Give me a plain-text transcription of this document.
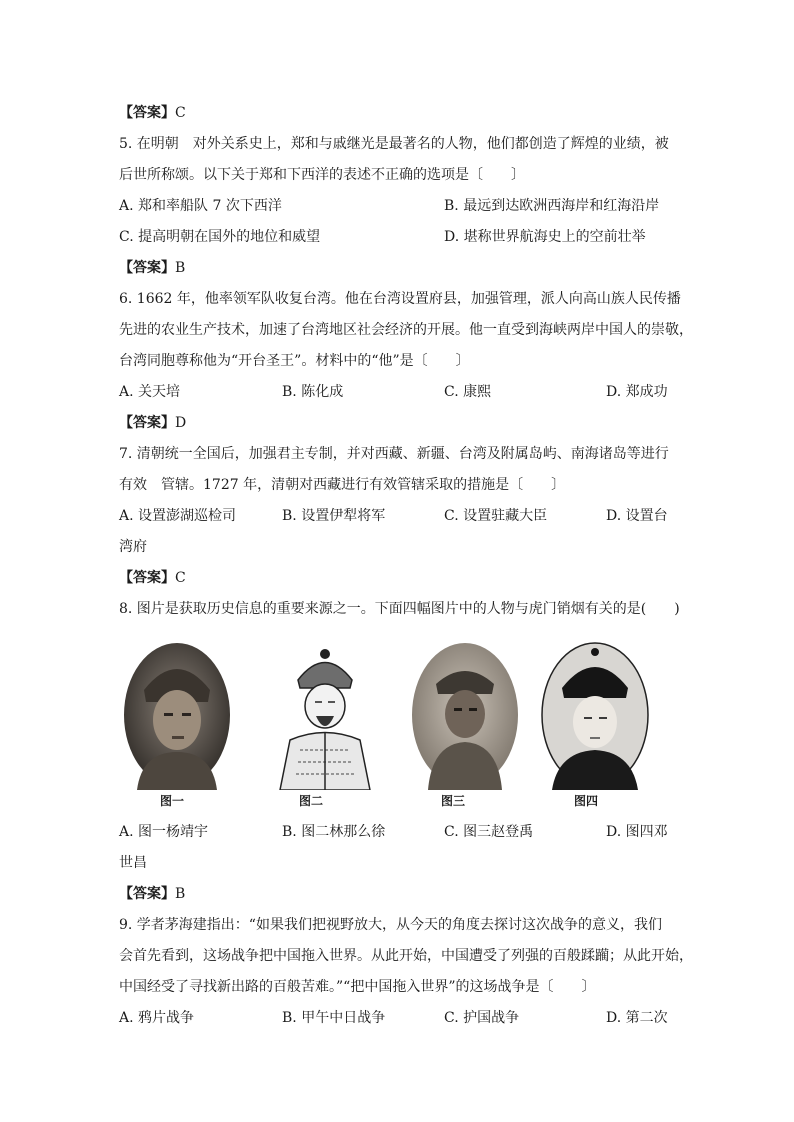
【答案】C
5. 在明朝　对外关系史上，郑和与戚继光是最著名的人物，他们都创造了辉煌的业绩，被
后世所称颂。以下关于郑和下西洋的表述不正确的选项是〔　　〕
A. 郑和率船队 7 次下西洋	B. 最远到达欧洲西海岸和红海沿岸
C. 提高明朝在国外的地位和威望	D. 堪称世界航海史上的空前壮举
【答案】B
6. 1662 年，他率领军队收复台湾。他在台湾设置府县，加强管理，派人向高山族人民传播
先进的农业生产技术，加速了台湾地区社会经济的开展。他一直受到海峡两岸中国人的崇敬，
台湾同胞尊称他为“开台圣王”。材料中的“他”是〔　　〕
A. 关天培	B. 陈化成	C. 康熙	D. 郑成功
【答案】D
7. 清朝统一全国后，加强君主专制，并对西藏、新疆、台湾及附属岛屿、南海诸岛等进行
有效　管辖。1727 年，清朝对西藏进行有效管辖采取的措施是〔　　〕
A. 设置澎湖巡检司	B. 设置伊犁将军	C. 设置驻藏大臣	D. 设置台
湾府
【答案】C
8. 图片是获取历史信息的重要来源之一。下面四幅图片中的人物与虎门销烟有关的是(　　)
图一	图二	图三	图四
A. 图一杨靖宇	B. 图二林那么徐	C. 图三赵登禹	D. 图四邓
世昌
【答案】B
9. 学者茅海建指出：“如果我们把视野放大，从今天的角度去探讨这次战争的意义，我们
会首先看到，这场战争把中国拖入世界。从此开始，中国遭受了列强的百般蹂躏；从此开始，
中国经受了寻找新出路的百般苦难。”“把中国拖入世界”的这场战争是〔　　〕
A. 鸦片战争	B. 甲午中日战争	C. 护国战争	D. 第二次
